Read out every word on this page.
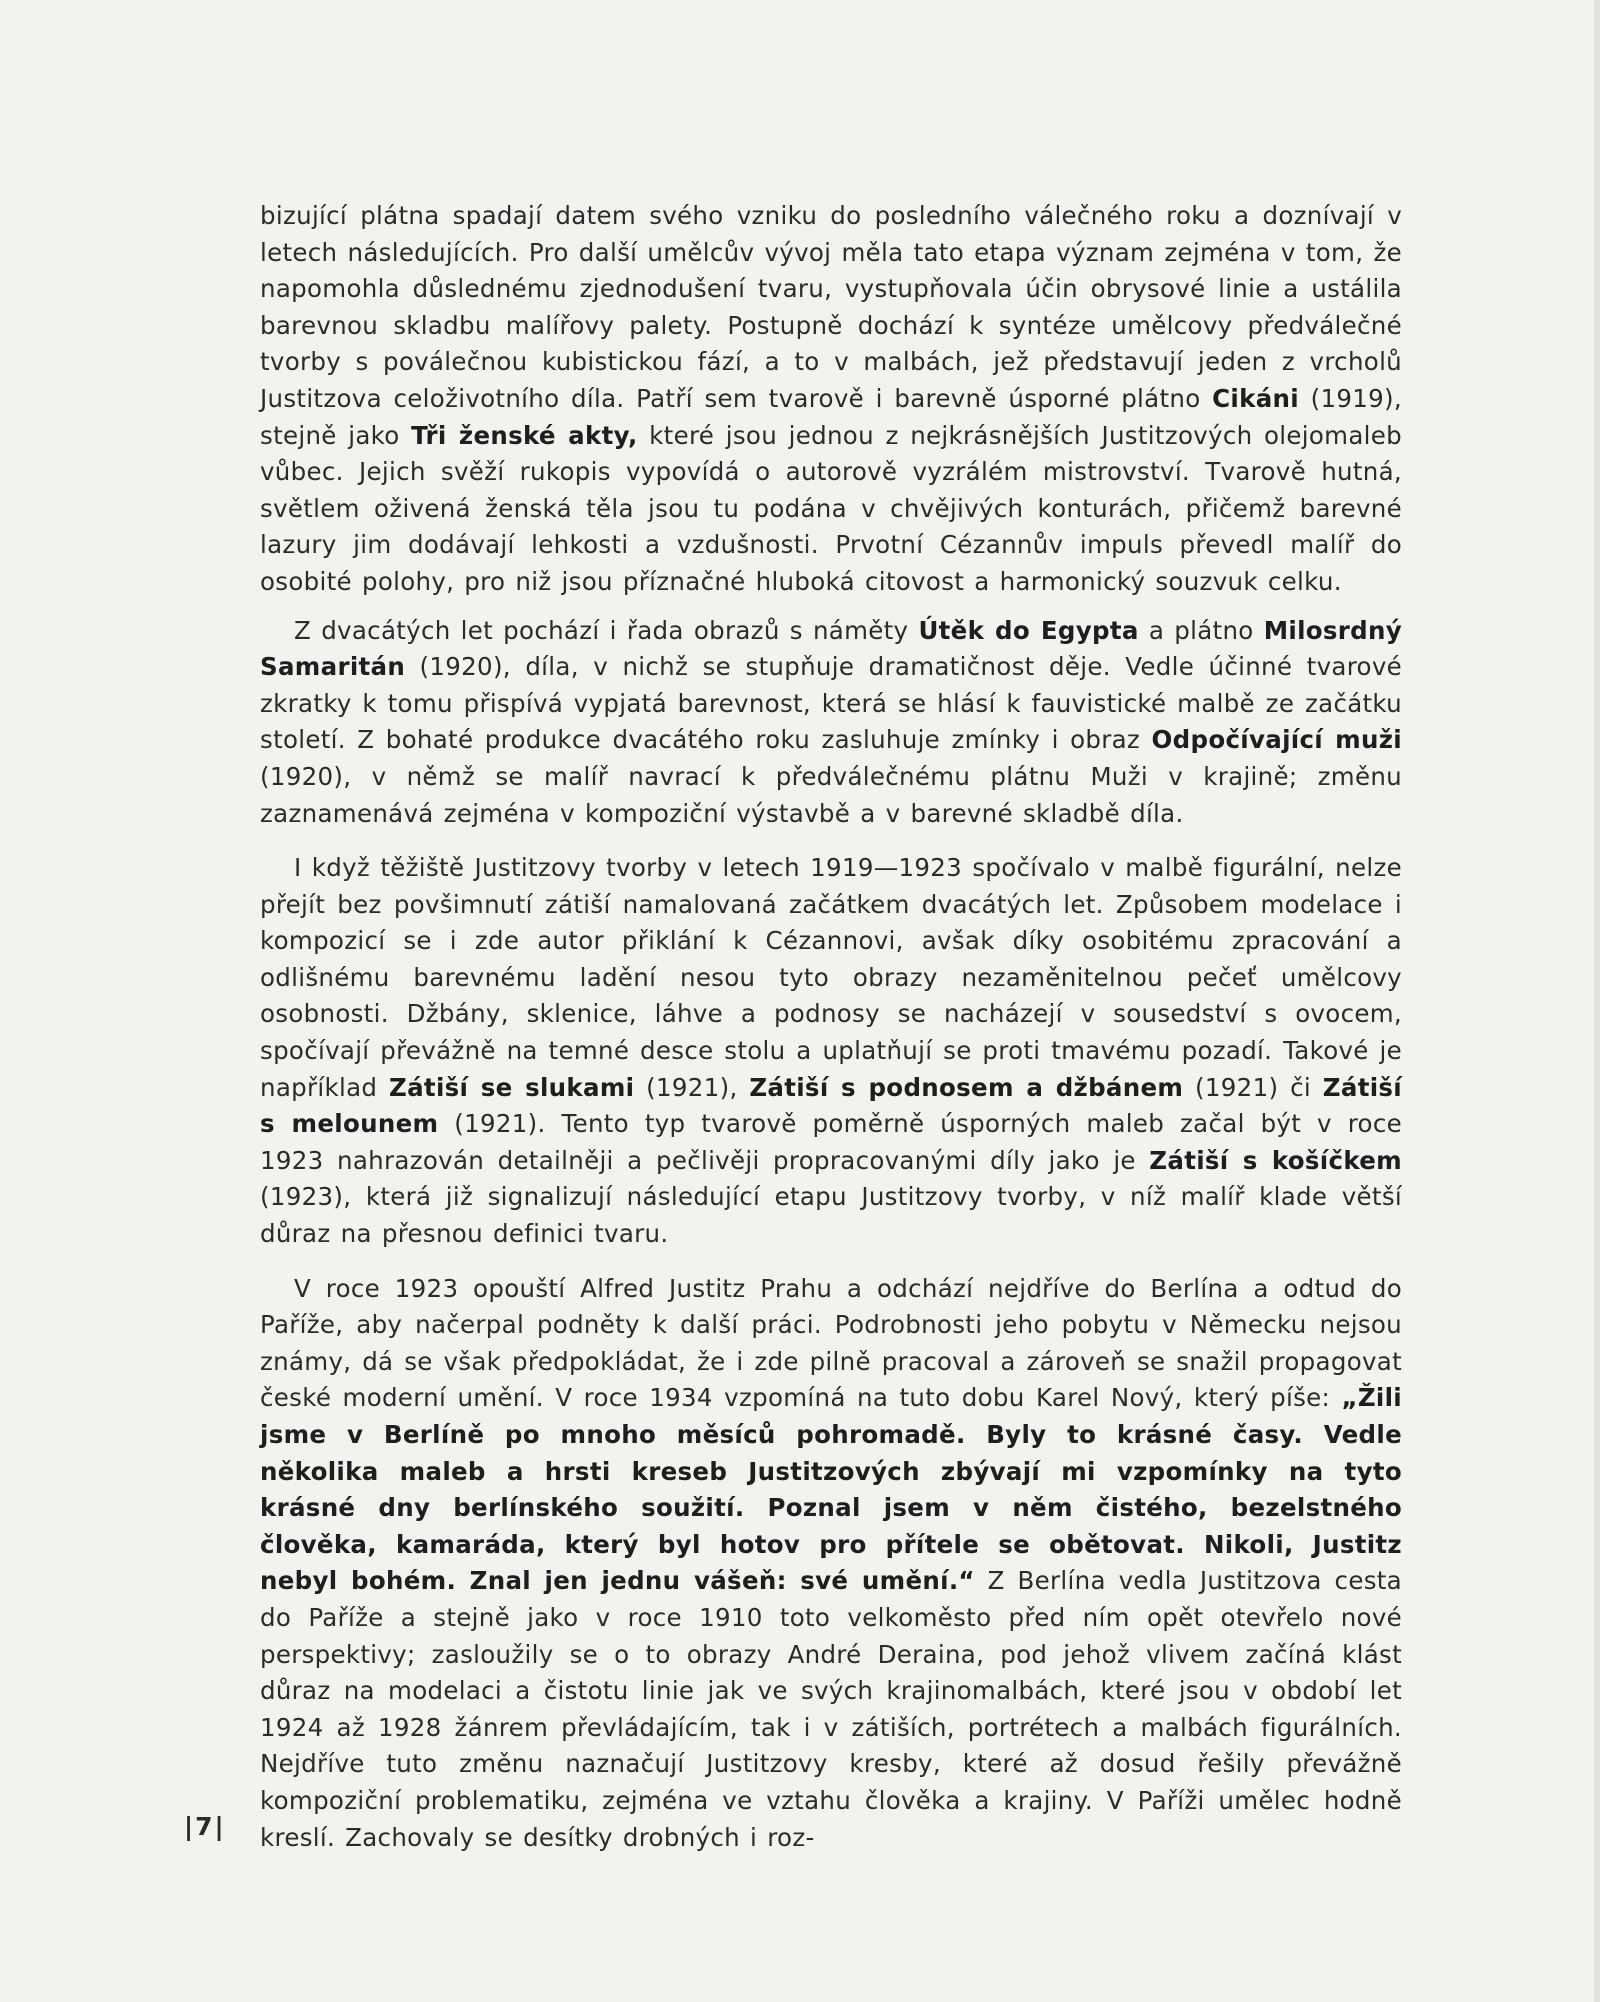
bizující plátna spadají datem svého vzniku do posledního válečného roku a doznívají v letech následujících. Pro další umělcův vývoj měla tato etapa význam zejména v tom, že napomohla důslednému zjednodušení tvaru, vystupňovala účin obrysové linie a ustálila barevnou skladbu malířovy palety. Postupně dochází k syntéze umělcovy předválečné tvorby s poválečnou kubistickou fází, a to v malbách, jež představují jeden z vrcholů Justitzova celoživotního díla. Patří sem tvarově i barevně úsporné plátno Cikáni (1919), stejně jako Tři ženské akty, které jsou jednou z nejkrásnějších Justitzových olejomaleb vůbec. Jejich svěží rukopis vypovídá o autorově vyzrálém mistrovství. Tvarově hutná, světlem oživená ženská těla jsou tu podána v chvějivých konturách, přičemž barevné lazury jim dodávají lehkosti a vzdušnosti. Prvotní Cézannův impuls převedl malíř do osobité polohy, pro niž jsou příznačné hluboká citovost a harmonický souzvuk celku.

Z dvacátých let pochází i řada obrazů s náměty Útěk do Egypta a plátno Milosrdný Samaritán (1920), díla, v nichž se stupňuje dramatičnost děje. Vedle účinné tvarové zkratky k tomu přispívá vypjatá barevnost, která se hlásí k fauvistické malbě ze začátku století. Z bohaté produkce dvacátého roku zasluhuje zmínky i obraz Odpočívající muži (1920), v němž se malíř navrací k předválečnému plátnu Muži v krajině; změnu zaznamenává zejména v kompoziční výstavbě a v barevné skladbě díla.

I když těžiště Justitzovy tvorby v letech 1919—1923 spočívalo v malbě figurální, nelze přejít bez povšimnutí zátiší namalovaná začátkem dvacátých let. Způsobem modelace i kompozicí se i zde autor přiklání k Cézannovi, avšak díky osobitému zpracování a odlišnému barevnému ladění nesou tyto obrazy nezaměnitelnou pečeť umělcovy osobnosti. Džbány, sklenice, láhve a podnosy se nacházejí v sousedství s ovocem, spočívají převážně na temné desce stolu a uplatňují se proti tmavému pozadí. Takové je například Zátiší se slukami (1921), Zátiší s podnosem a džbánem (1921) či Zátiší s melounem (1921). Tento typ tvarově poměrně úsporných maleb začal být v roce 1923 nahrazován detailněji a pečlivěji propracovanými díly jako je Zátiší s košíčkem (1923), která již signalizují následující etapu Justitzovy tvorby, v níž malíř klade větší důraz na přesnou definici tvaru.

V roce 1923 opouští Alfred Justitz Prahu a odchází nejdříve do Berlína a odtud do Paříže, aby načerpal podněty k další práci. Podrobnosti jeho pobytu v Německu nejsou známy, dá se však předpokládat, že i zde pilně pracoval a zároveň se snažil propagovat české moderní umění. V roce 1934 vzpomíná na tuto dobu Karel Nový, který píše: „Žili jsme v Berlíně po mnoho měsíců pohromadě. Byly to krásné časy. Vedle několika maleb a hrsti kreseb Justitzových zbývají mi vzpomínky na tyto krásné dny berlínského soužití. Poznal jsem v něm čistého, bezelstného člověka, kamaráda, který byl hotov pro přítele se obětovat. Nikoli, Justitz nebyl bohém. Znal jen jednu vášeň: své umění.“ Z Berlína vedla Justitzova cesta do Paříže a stejně jako v roce 1910 toto velkoměsto před ním opět otevřelo nové perspektivy; zasloužily se o to obrazy André Deraina, pod jehož vlivem začíná klást důraz na modelaci a čistotu linie jak ve svých krajinomalbách, které jsou v období let 1924 až 1928 žánrem převládajícím, tak i v zátiších, portrétech a malbách figurálních. Nejdříve tuto změnu naznačují Justitzovy kresby, které až dosud řešily převážně kompoziční problematiku, zejména ve vztahu člověka a krajiny. V Paříži umělec hodně kreslí. Zachovaly se desítky drobných i roz-

|7|
